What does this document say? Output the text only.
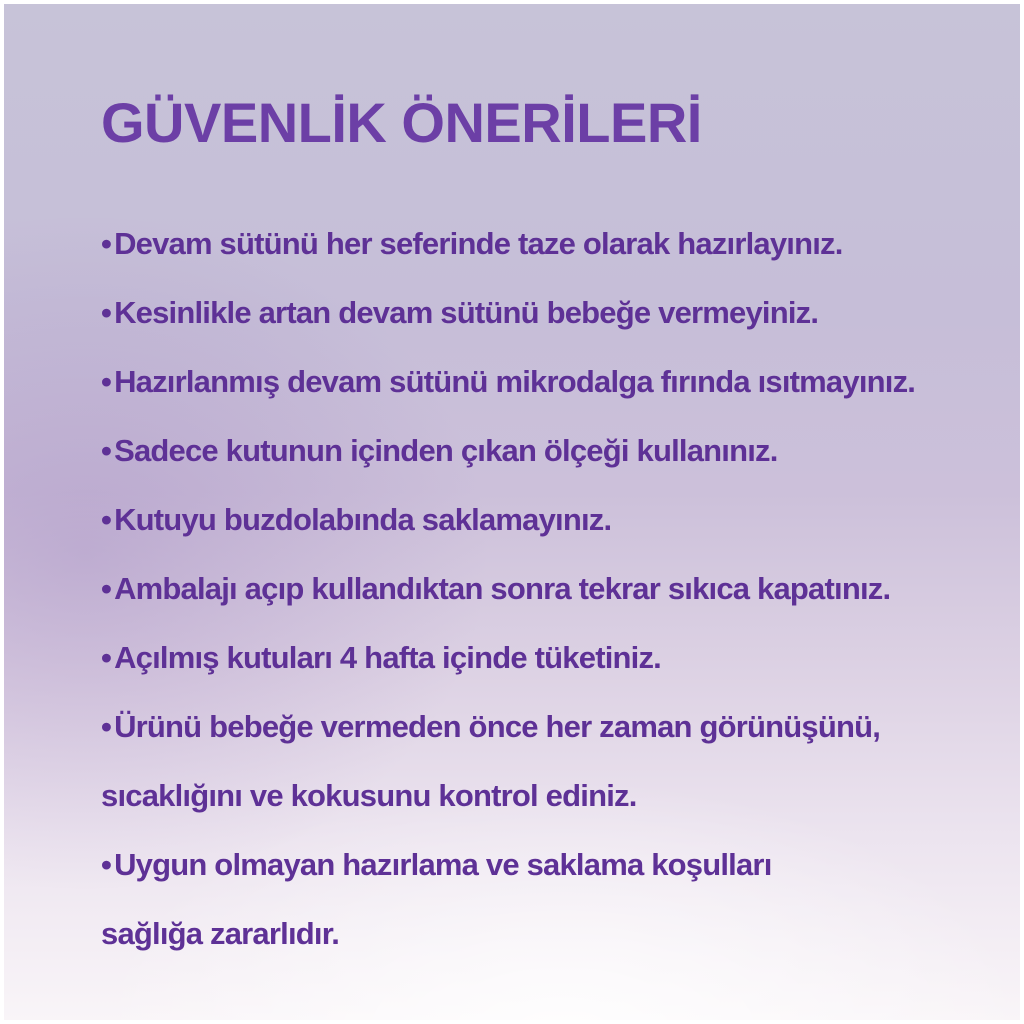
GÜVENLİK ÖNERİLERİ
•Devam sütünü her seferinde taze olarak hazırlayınız.
•Kesinlikle artan devam sütünü bebeğe vermeyiniz.
•Hazırlanmış devam sütünü mikrodalga fırında ısıtmayınız.
•Sadece kutunun içinden çıkan ölçeği kullanınız.
•Kutuyu buzdolabında saklamayınız.
•Ambalajı açıp kullandıktan sonra tekrar sıkıca kapatınız.
•Açılmış kutuları 4 hafta içinde tüketiniz.
•Ürünü bebeğe vermeden önce her zaman görünüşünü,
sıcaklığını ve kokusunu kontrol ediniz.
•Uygun olmayan hazırlama ve saklama koşulları
sağlığa zararlıdır.
